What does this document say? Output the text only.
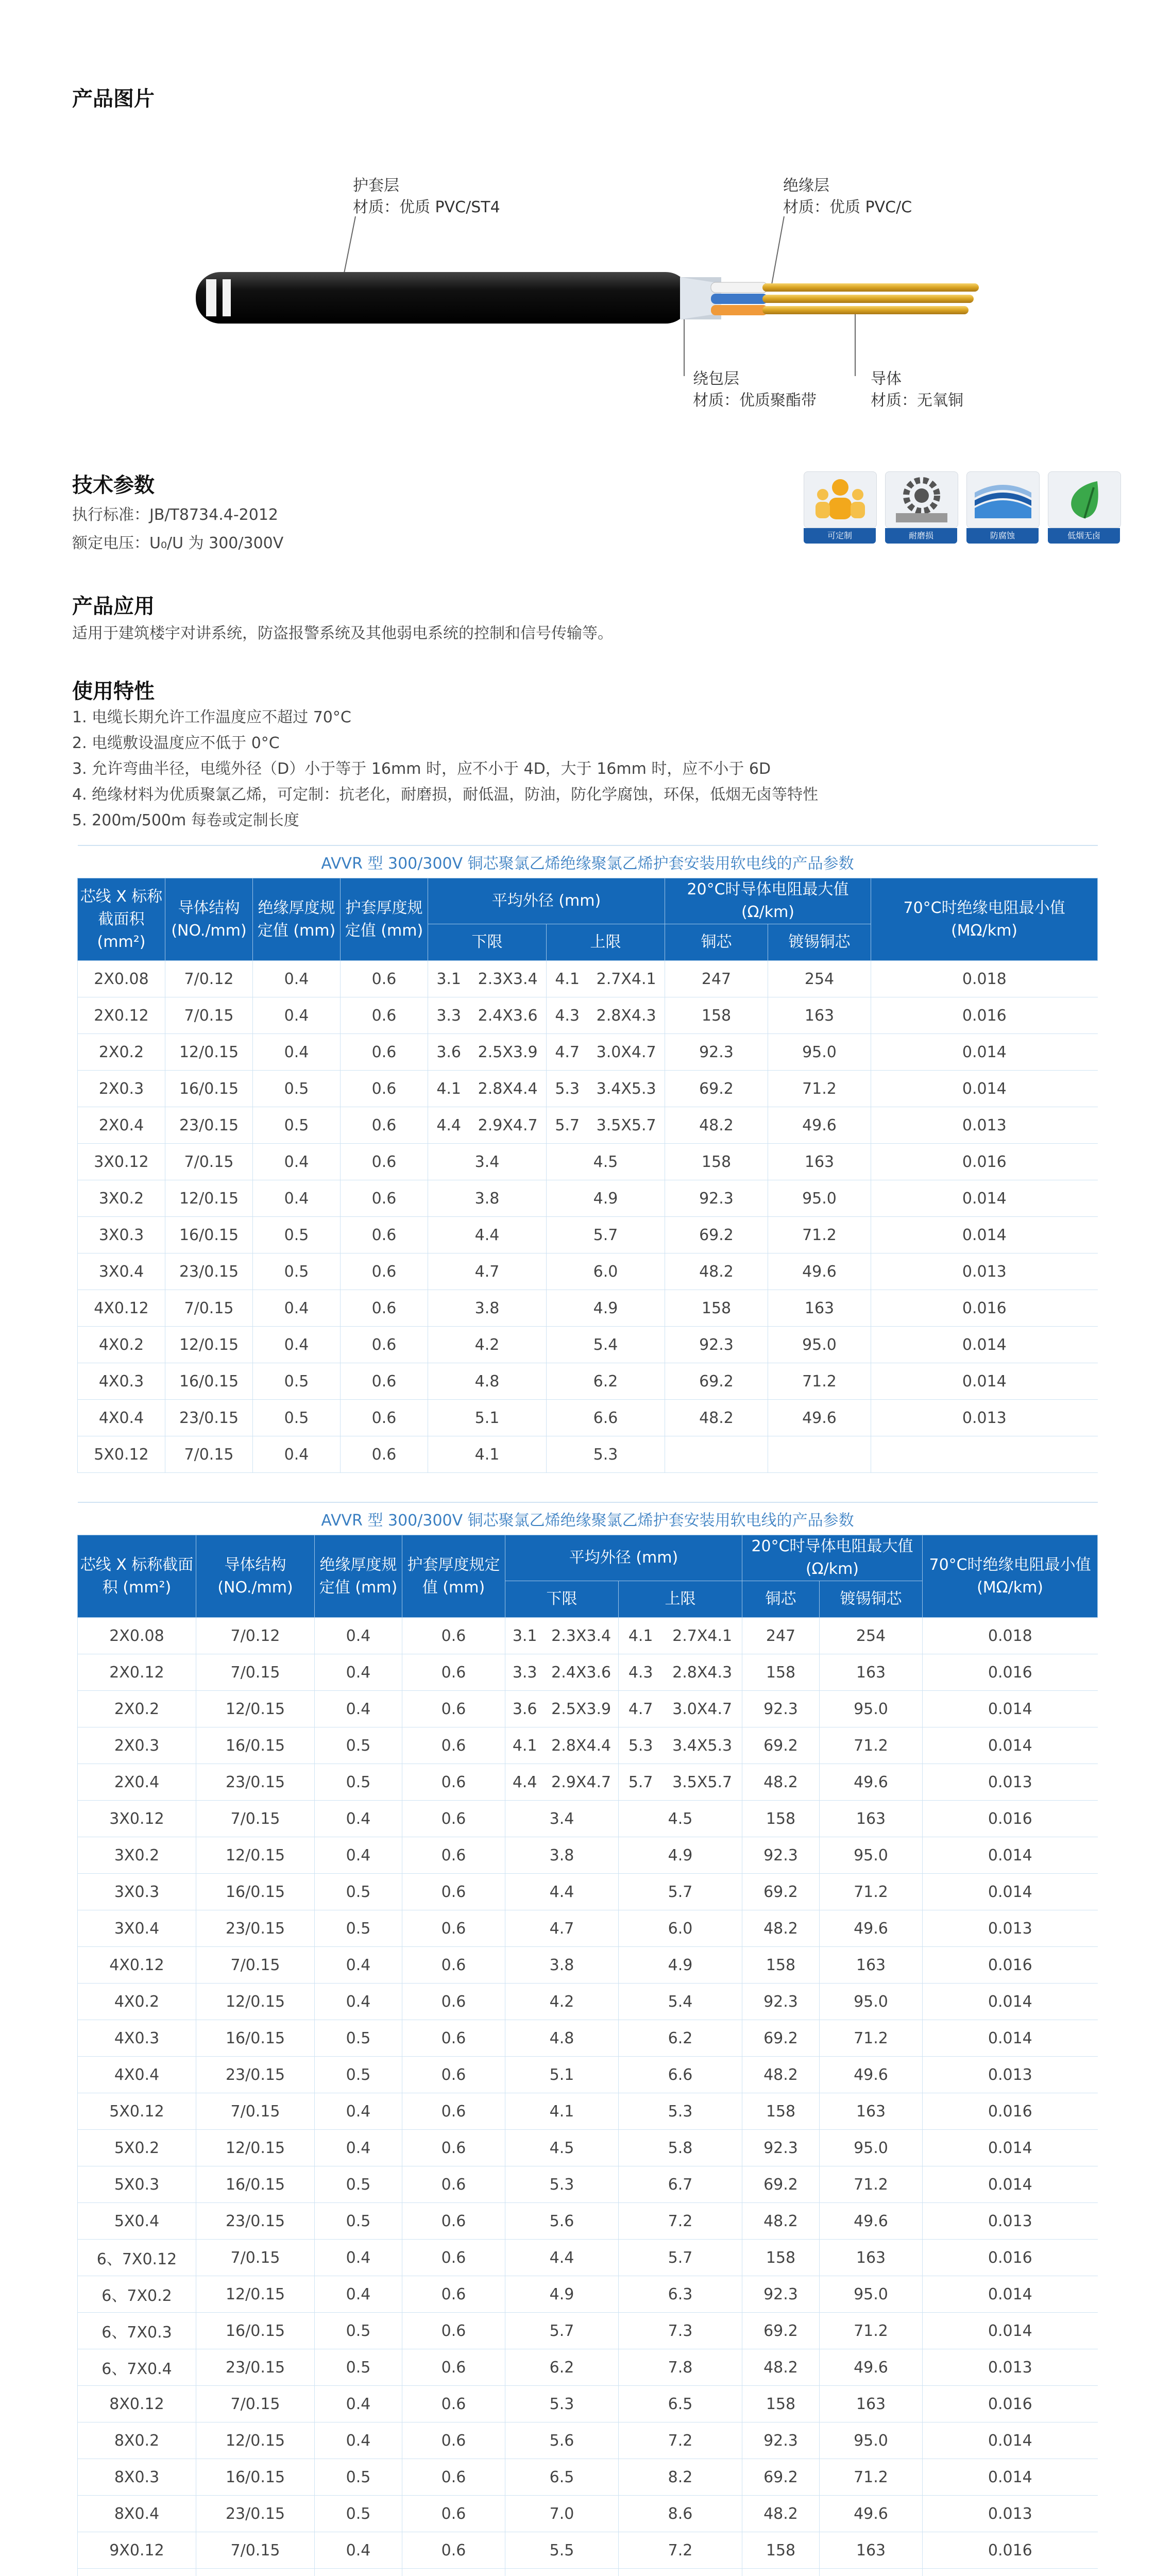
产品图片
护套层
材质：优质 PVC/ST4
绝缘层
材质：优质 PVC/C
绕包层
材质：优质聚酯带
导体
材质：无氧铜
技术参数
执行标准：JB/T8734.4-2012
额定电压：U₀/U 为 300/300V	可定制	耐磨损	防腐蚀	低烟无卤
产品应用
适用于建筑楼宇对讲系统，防盗报警系统及其他弱电系统的控制和信号传输等。
使用特性
1. 电缆长期允许工作温度应不超过 70°C
2. 电缆敷设温度应不低于 0°C
3. 允许弯曲半径，电缆外径（D）小于等于 16mm 时，应不小于 4D，大于 16mm 时，应不小于 6D
4. 绝缘材料为优质聚氯乙烯，可定制：抗老化，耐磨损，耐低温，防油，防化学腐蚀，环保，低烟无卤等特性
5. 200m/500m 每卷或定制长度
AVVR 型 300/300V 铜芯聚氯乙烯绝缘聚氯乙烯护套安装用软电线的产品参数								
芯线 X 标称截面积 (mm²)	导体结构 (NO./mm)	绝缘厚度规定值 (mm)	护套厚度规定值 (mm)	平均外径 (mm)		20°C时导体电阻最大值 (Ω/km)		70°C时绝缘电阻最小值 (MΩ/km)
				下限	上限	铜芯	镀锡铜芯	
2X0.08	7/0.12	0.4	0.6	3.1 2.3X3.4	4.1 2.7X4.1	247	254	0.018
2X0.12	7/0.15	0.4	0.6	3.3 2.4X3.6	4.3 2.8X4.3	158	163	0.016
2X0.2	12/0.15	0.4	0.6	3.6 2.5X3.9	4.7 3.0X4.7	92.3	95.0	0.014
2X0.3	16/0.15	0.5	0.6	4.1 2.8X4.4	5.3 3.4X5.3	69.2	71.2	0.014
2X0.4	23/0.15	0.5	0.6	4.4 2.9X4.7	5.7 3.5X5.7	48.2	49.6	0.013
3X0.12	7/0.15	0.4	0.6	3.4	4.5	158	163	0.016
3X0.2	12/0.15	0.4	0.6	3.8	4.9	92.3	95.0	0.014
3X0.3	16/0.15	0.5	0.6	4.4	5.7	69.2	71.2	0.014
3X0.4	23/0.15	0.5	0.6	4.7	6.0	48.2	49.6	0.013
4X0.12	7/0.15	0.4	0.6	3.8	4.9	158	163	0.016
4X0.2	12/0.15	0.4	0.6	4.2	5.4	92.3	95.0	0.014
4X0.3	16/0.15	0.5	0.6	4.8	6.2	69.2	71.2	0.014
4X0.4	23/0.15	0.5	0.6	5.1	6.6	48.2	49.6	0.013
5X0.12	7/0.15	0.4	0.6	4.1	5.3			
AVVR 型 300/300V 铜芯聚氯乙烯绝缘聚氯乙烯护套安装用软电线的产品参数								
芯线 X 标称截面积 (mm²)	导体结构 (NO./mm)	绝缘厚度规定值 (mm)	护套厚度规定值 (mm)	平均外径 (mm)		20°C时导体电阻最大值 (Ω/km)		70°C时绝缘电阻最小值 (MΩ/km)
				下限	上限	铜芯	镀锡铜芯	
2X0.08	7/0.12	0.4	0.6	3.1 2.3X3.4	4.1 2.7X4.1	247	254	0.018
2X0.12	7/0.15	0.4	0.6	3.3 2.4X3.6	4.3 2.8X4.3	158	163	0.016
2X0.2	12/0.15	0.4	0.6	3.6 2.5X3.9	4.7 3.0X4.7	92.3	95.0	0.014
2X0.3	16/0.15	0.5	0.6	4.1 2.8X4.4	5.3 3.4X5.3	69.2	71.2	0.014
2X0.4	23/0.15	0.5	0.6	4.4 2.9X4.7	5.7 3.5X5.7	48.2	49.6	0.013
3X0.12	7/0.15	0.4	0.6	3.4	4.5	158	163	0.016
3X0.2	12/0.15	0.4	0.6	3.8	4.9	92.3	95.0	0.014
3X0.3	16/0.15	0.5	0.6	4.4	5.7	69.2	71.2	0.014
3X0.4	23/0.15	0.5	0.6	4.7	6.0	48.2	49.6	0.013
4X0.12	7/0.15	0.4	0.6	3.8	4.9	158	163	0.016
4X0.2	12/0.15	0.4	0.6	4.2	5.4	92.3	95.0	0.014
4X0.3	16/0.15	0.5	0.6	4.8	6.2	69.2	71.2	0.014
4X0.4	23/0.15	0.5	0.6	5.1	6.6	48.2	49.6	0.013
5X0.12	7/0.15	0.4	0.6	4.1	5.3	158	163	0.016
5X0.2	12/0.15	0.4	0.6	4.5	5.8	92.3	95.0	0.014
5X0.3	16/0.15	0.5	0.6	5.3	6.7	69.2	71.2	0.014
5X0.4	23/0.15	0.5	0.6	5.6	7.2	48.2	49.6	0.013
6、7X0.12	7/0.15	0.4	0.6	4.4	5.7	158	163	0.016
6、7X0.2	12/0.15	0.4	0.6	4.9	6.3	92.3	95.0	0.014
6、7X0.3	16/0.15	0.5	0.6	5.7	7.3	69.2	71.2	0.014
6、7X0.4	23/0.15	0.5	0.6	6.2	7.8	48.2	49.6	0.013
8X0.12	7/0.15	0.4	0.6	5.3	6.5	158	163	0.016
8X0.2	12/0.15	0.4	0.6	5.6	7.2	92.3	95.0	0.014
8X0.3	16/0.15	0.5	0.6	6.5	8.2	69.2	71.2	0.014
8X0.4	23/0.15	0.5	0.6	7.0	8.6	48.2	49.6	0.013
9X0.12	7/0.15	0.4	0.6	5.5	7.2	158	163	0.016
